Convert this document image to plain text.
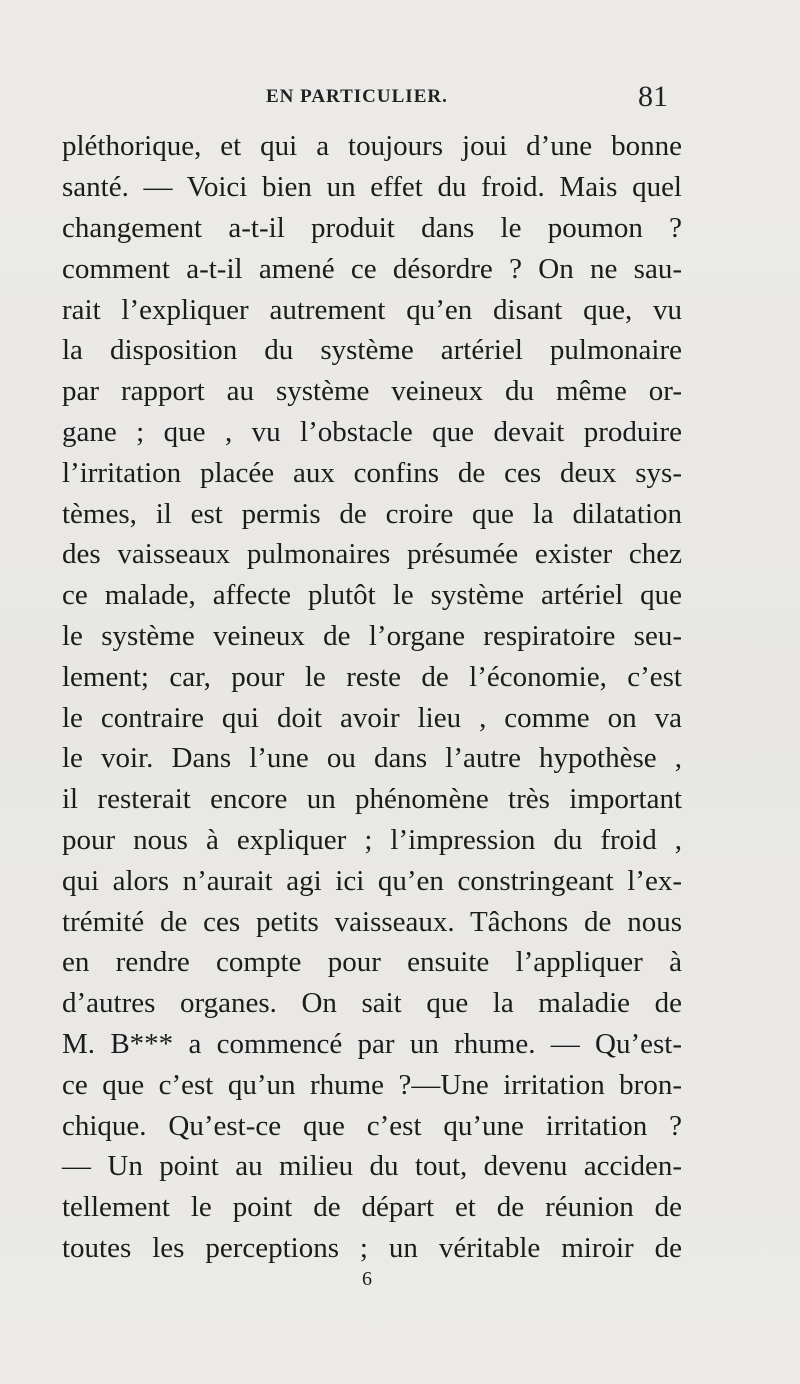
EN PARTICULIER.	81
pléthorique, et qui a toujours joui d’une bonne
santé. — Voici bien un effet du froid. Mais quel
changement a-t-il produit dans le poumon ?
comment a-t-il amené ce désordre ? On ne sau-
rait l’expliquer autrement qu’en disant que, vu
la disposition du système artériel pulmonaire
par rapport au système veineux du même or-
gane ; que , vu l’obstacle que devait produire
l’irritation placée aux confins de ces deux sys-
tèmes, il est permis de croire que la dilatation
des vaisseaux pulmonaires présumée exister chez
ce malade, affecte plutôt le système artériel que
le système veineux de l’organe respiratoire seu-
lement; car, pour le reste de l’économie, c’est
le contraire qui doit avoir lieu , comme on va
le voir. Dans l’une ou dans l’autre hypothèse ,
il resterait encore un phénomène très important
pour nous à expliquer ; l’impression du froid ,
qui alors n’aurait agi ici qu’en constringeant l’ex-
trémité de ces petits vaisseaux. Tâchons de nous
en rendre compte pour ensuite l’appliquer à
d’autres organes. On sait que la maladie de
M. B*** a commencé par un rhume. — Qu’est-
ce que c’est qu’un rhume ?—Une irritation bron-
chique. Qu’est-ce que c’est qu’une irritation ?
— Un point au milieu du tout, devenu acciden-
tellement le point de départ et de réunion de
toutes les perceptions ; un véritable miroir de
6
